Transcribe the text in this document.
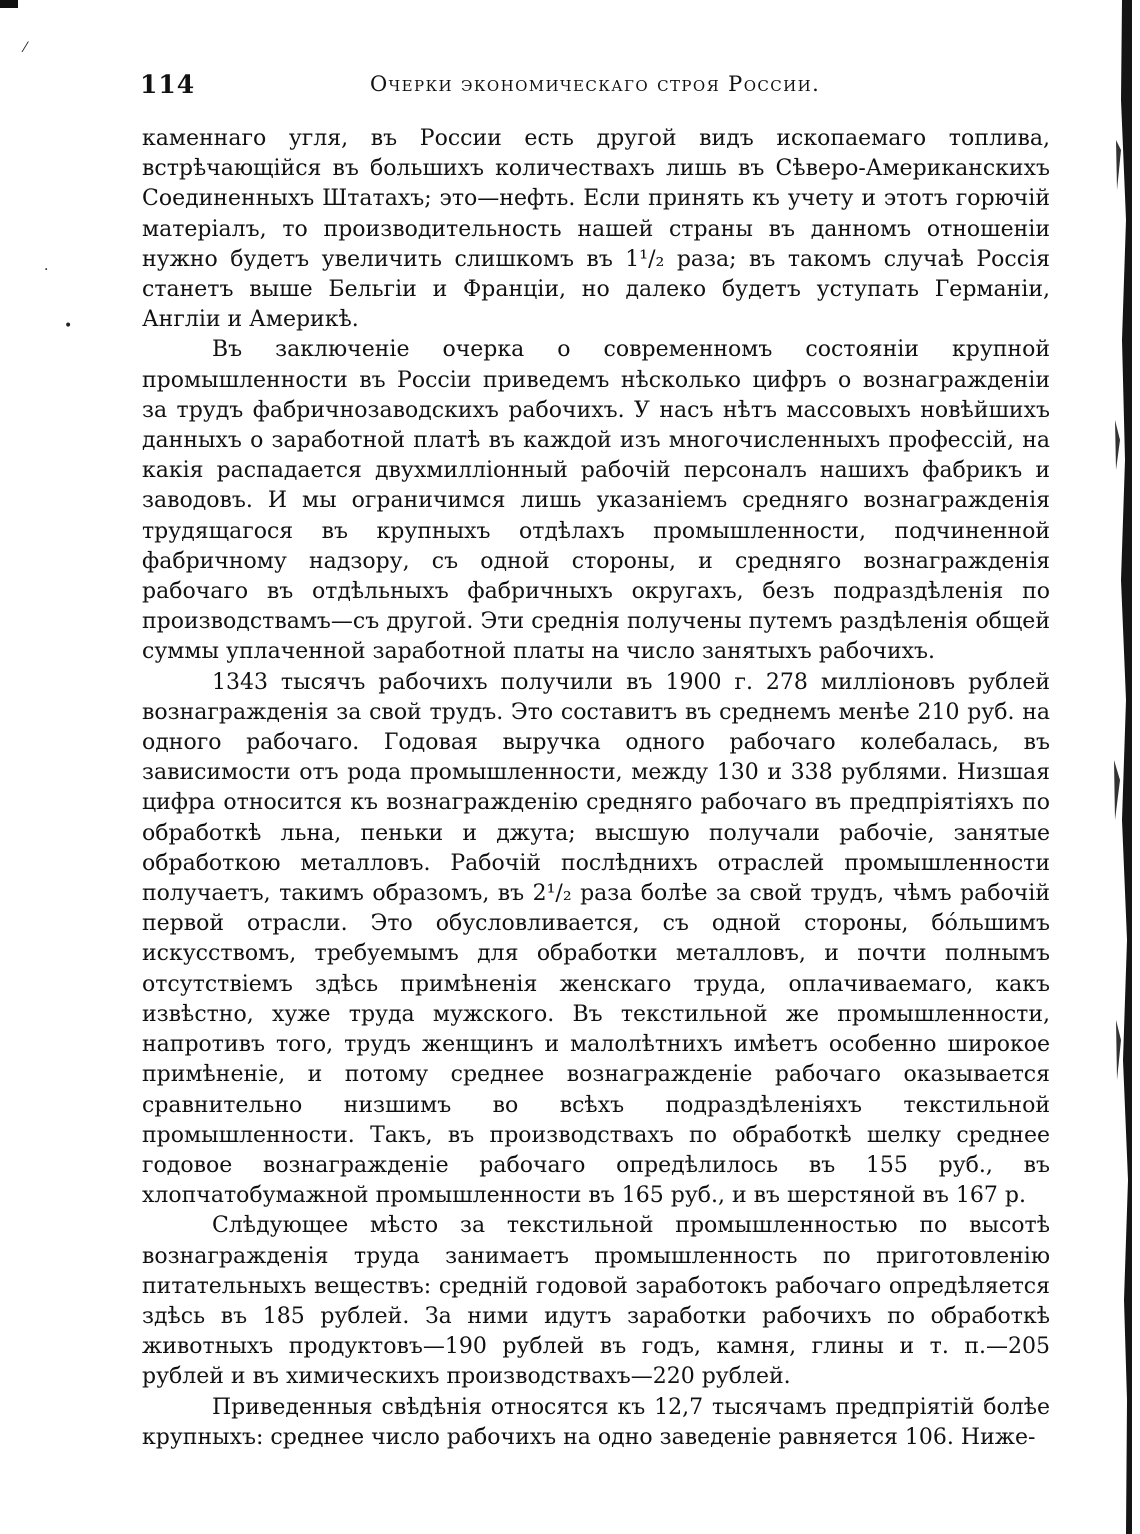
⁄
·
•
114	Очерки экономическаго строя России.

каменнаго угля, въ России есть другой видъ ископаемаго топлива, встрѣчающійся въ большихъ количествахъ лишь въ Сѣверо-Американскихъ Соединенныхъ Штатахъ; это—нефть. Если принять къ учету и этотъ горючій матеріалъ, то производительность нашей страны въ данномъ отношеніи нужно будетъ увеличить слишкомъ въ 1¹/₂ раза; въ такомъ случаѣ Россія станетъ выше Бельгіи и Франціи, но далеко будетъ уступать Германіи, Англіи и Америкѣ.

Въ заключеніе очерка о современномъ состояніи крупной промышленности въ Россіи приведемъ нѣсколько цифръ о вознагражденіи за трудъ фабричнозаводскихъ рабочихъ. У насъ нѣтъ массовыхъ новѣйшихъ данныхъ о заработной платѣ въ каждой изъ многочисленныхъ профессій, на какія распадается двухмилліонный рабочій персоналъ нашихъ фабрикъ и заводовъ. И мы ограничимся лишь указаніемъ средняго вознагражденія трудящагося въ крупныхъ отдѣлахъ промышленности, подчиненной фабричному надзору, съ одной стороны, и средняго вознагражденія рабочаго въ отдѣльныхъ фабричныхъ округахъ, безъ подраздѣленія по производствамъ—съ другой. Эти среднія получены путемъ раздѣленія общей суммы уплаченной заработной платы на число занятыхъ рабочихъ.

1343 тысячъ рабочихъ получили въ 1900 г. 278 милліоновъ рублей вознагражденія за свой трудъ. Это составитъ въ среднемъ менѣе 210 руб. на одного рабочаго. Годовая выручка одного рабочаго колебалась, въ зависимости отъ рода промышленности, между 130 и 338 рублями. Низшая цифра относится къ вознагражденію средняго рабочаго въ предпріятіяхъ по обработкѣ льна, пеньки и джута; высшую получали рабочіе, занятые обработкою металловъ. Рабочій послѣднихъ отраслей промышленности получаетъ, такимъ образомъ, въ 2¹/₂ раза болѣе за свой трудъ, чѣмъ рабочій первой отрасли. Это обусловливается, съ одной стороны, бóльшимъ искусствомъ, требуемымъ для обработки металловъ, и почти полнымъ отсутствіемъ здѣсь примѣненія женскаго труда, оплачиваемаго, какъ извѣстно, хуже труда мужского. Въ текстильной же промышленности, напротивъ того, трудъ женщинъ и малолѣтнихъ имѣетъ особенно широкое примѣненіе, и потому среднее вознагражденіе рабочаго оказывается сравнительно низшимъ во всѣхъ подраздѣленіяхъ текстильной промышленности. Такъ, въ производствахъ по обработкѣ шелку среднее годовое вознагражденіе рабочаго опредѣлилось въ 155 руб., въ хлопчатобумажной промышленности въ 165 руб., и въ шерстяной въ 167 р.

Слѣдующее мѣсто за текстильной промышленностью по высотѣ вознагражденія труда занимаетъ промышленность по приготовленію питательныхъ веществъ: средній годовой заработокъ рабочаго опредѣляется здѣсь въ 185 рублей. За ними идутъ заработки рабочихъ по обработкѣ животныхъ продуктовъ—190 рублей въ годъ, камня, глины и т. п.—205 рублей и въ химическихъ производствахъ—220 рублей.

Приведенныя свѣдѣнія относятся къ 12,7 тысячамъ предпріятій болѣе крупныхъ: среднее число рабочихъ на одно заведеніе равняется 106. Ниже-
